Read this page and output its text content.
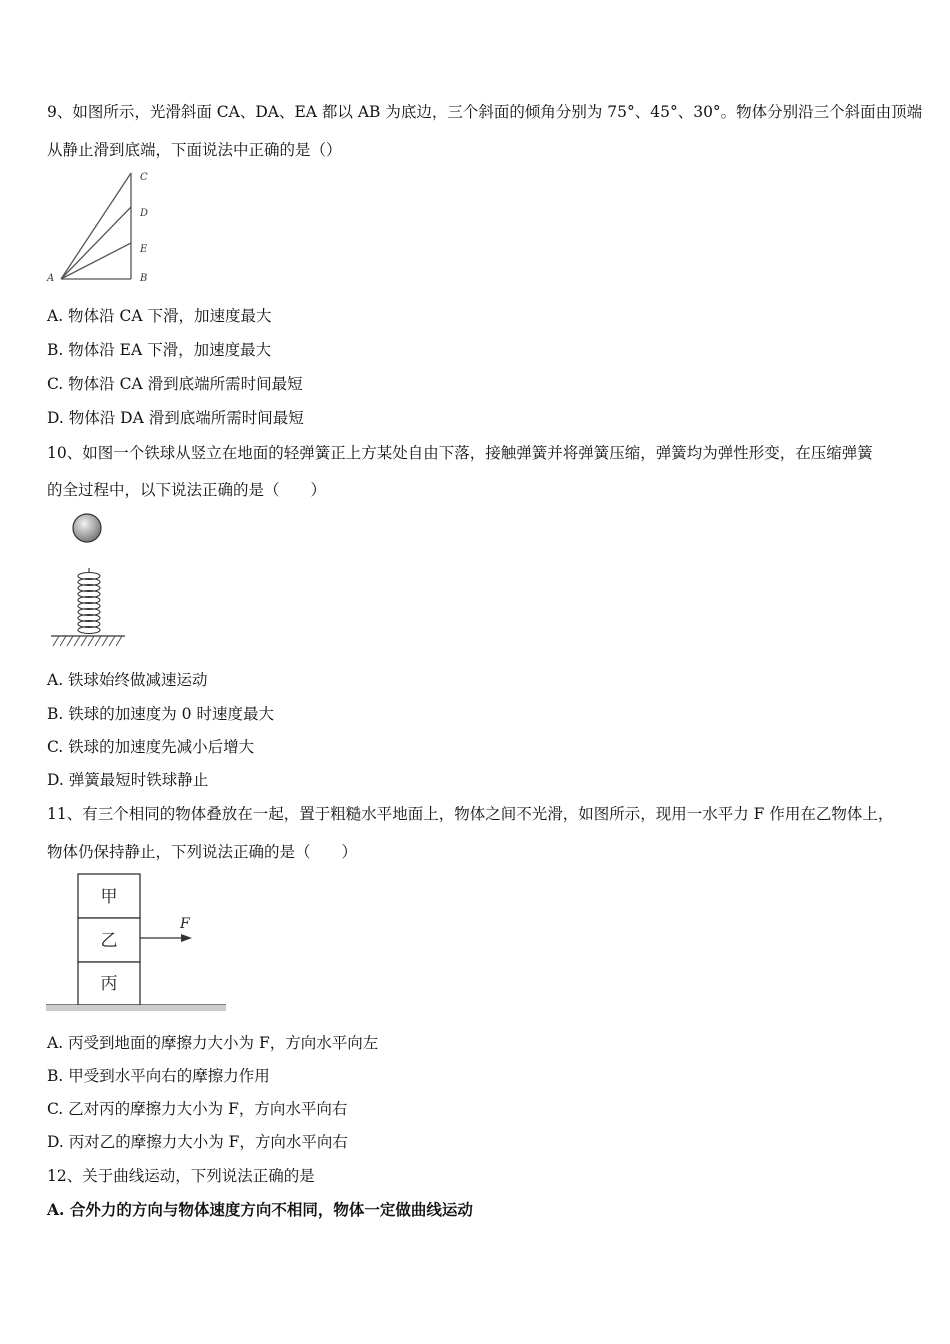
9、如图所示，光滑斜面 CA、DA、EA 都以 AB 为底边，三个斜面的倾角分别为 75°、45°、30°。物体分别沿三个斜面由顶端
从静止滑到底端，下面说法中正确的是（）
C
D
E
A	B
A. 物体沿 CA 下滑，加速度最大
B. 物体沿 EA 下滑，加速度最大
C. 物体沿 CA 滑到底端所需时间最短
D. 物体沿 DA 滑到底端所需时间最短
10、如图一个铁球从竖立在地面的轻弹簧正上方某处自由下落，接触弹簧并将弹簧压缩，弹簧均为弹性形变，在压缩弹簧
的全过程中，以下说法正确的是（　　）
A. 铁球始终做减速运动
B. 铁球的加速度为 0 时速度最大
C. 铁球的加速度先减小后增大
D. 弹簧最短时铁球静止
11、有三个相同的物体叠放在一起，置于粗糙水平地面上，物体之间不光滑，如图所示，现用一水平力 F 作用在乙物体上，
物体仍保持静止，下列说法正确的是（　　）
甲
乙
丙
F
A. 丙受到地面的摩擦力大小为 F，方向水平向左
B. 甲受到水平向右的摩擦力作用
C. 乙对丙的摩擦力大小为 F，方向水平向右
D. 丙对乙的摩擦力大小为 F，方向水平向右
12、关于曲线运动，下列说法正确的是
A. 合外力的方向与物体速度方向不相同，物体一定做曲线运动
